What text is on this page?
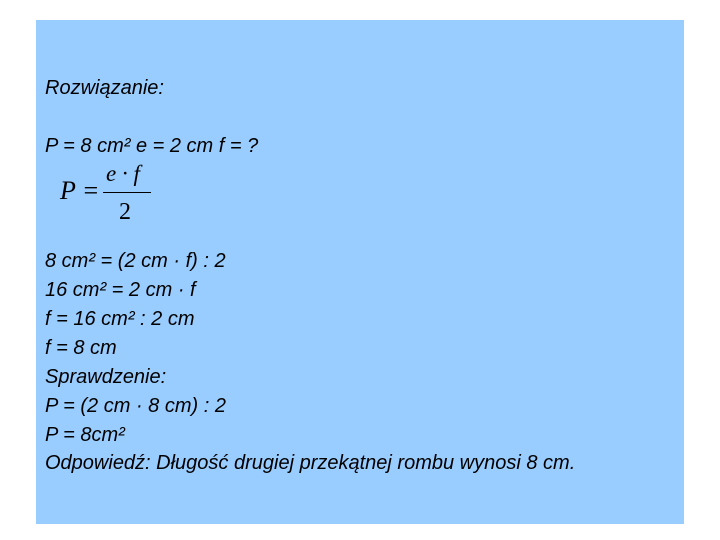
Rozwiązanie:
P = 8 cm² e = 2 cm f = ?
P =
e · f
2
8 cm² = (2 cm · f) : 2
16 cm² = 2 cm · f
f = 16 cm² : 2 cm
f = 8 cm
Sprawdzenie:
P = (2 cm · 8 cm) : 2
P = 8cm²
Odpowiedź: Długość drugiej przekątnej rombu wynosi 8 cm.
